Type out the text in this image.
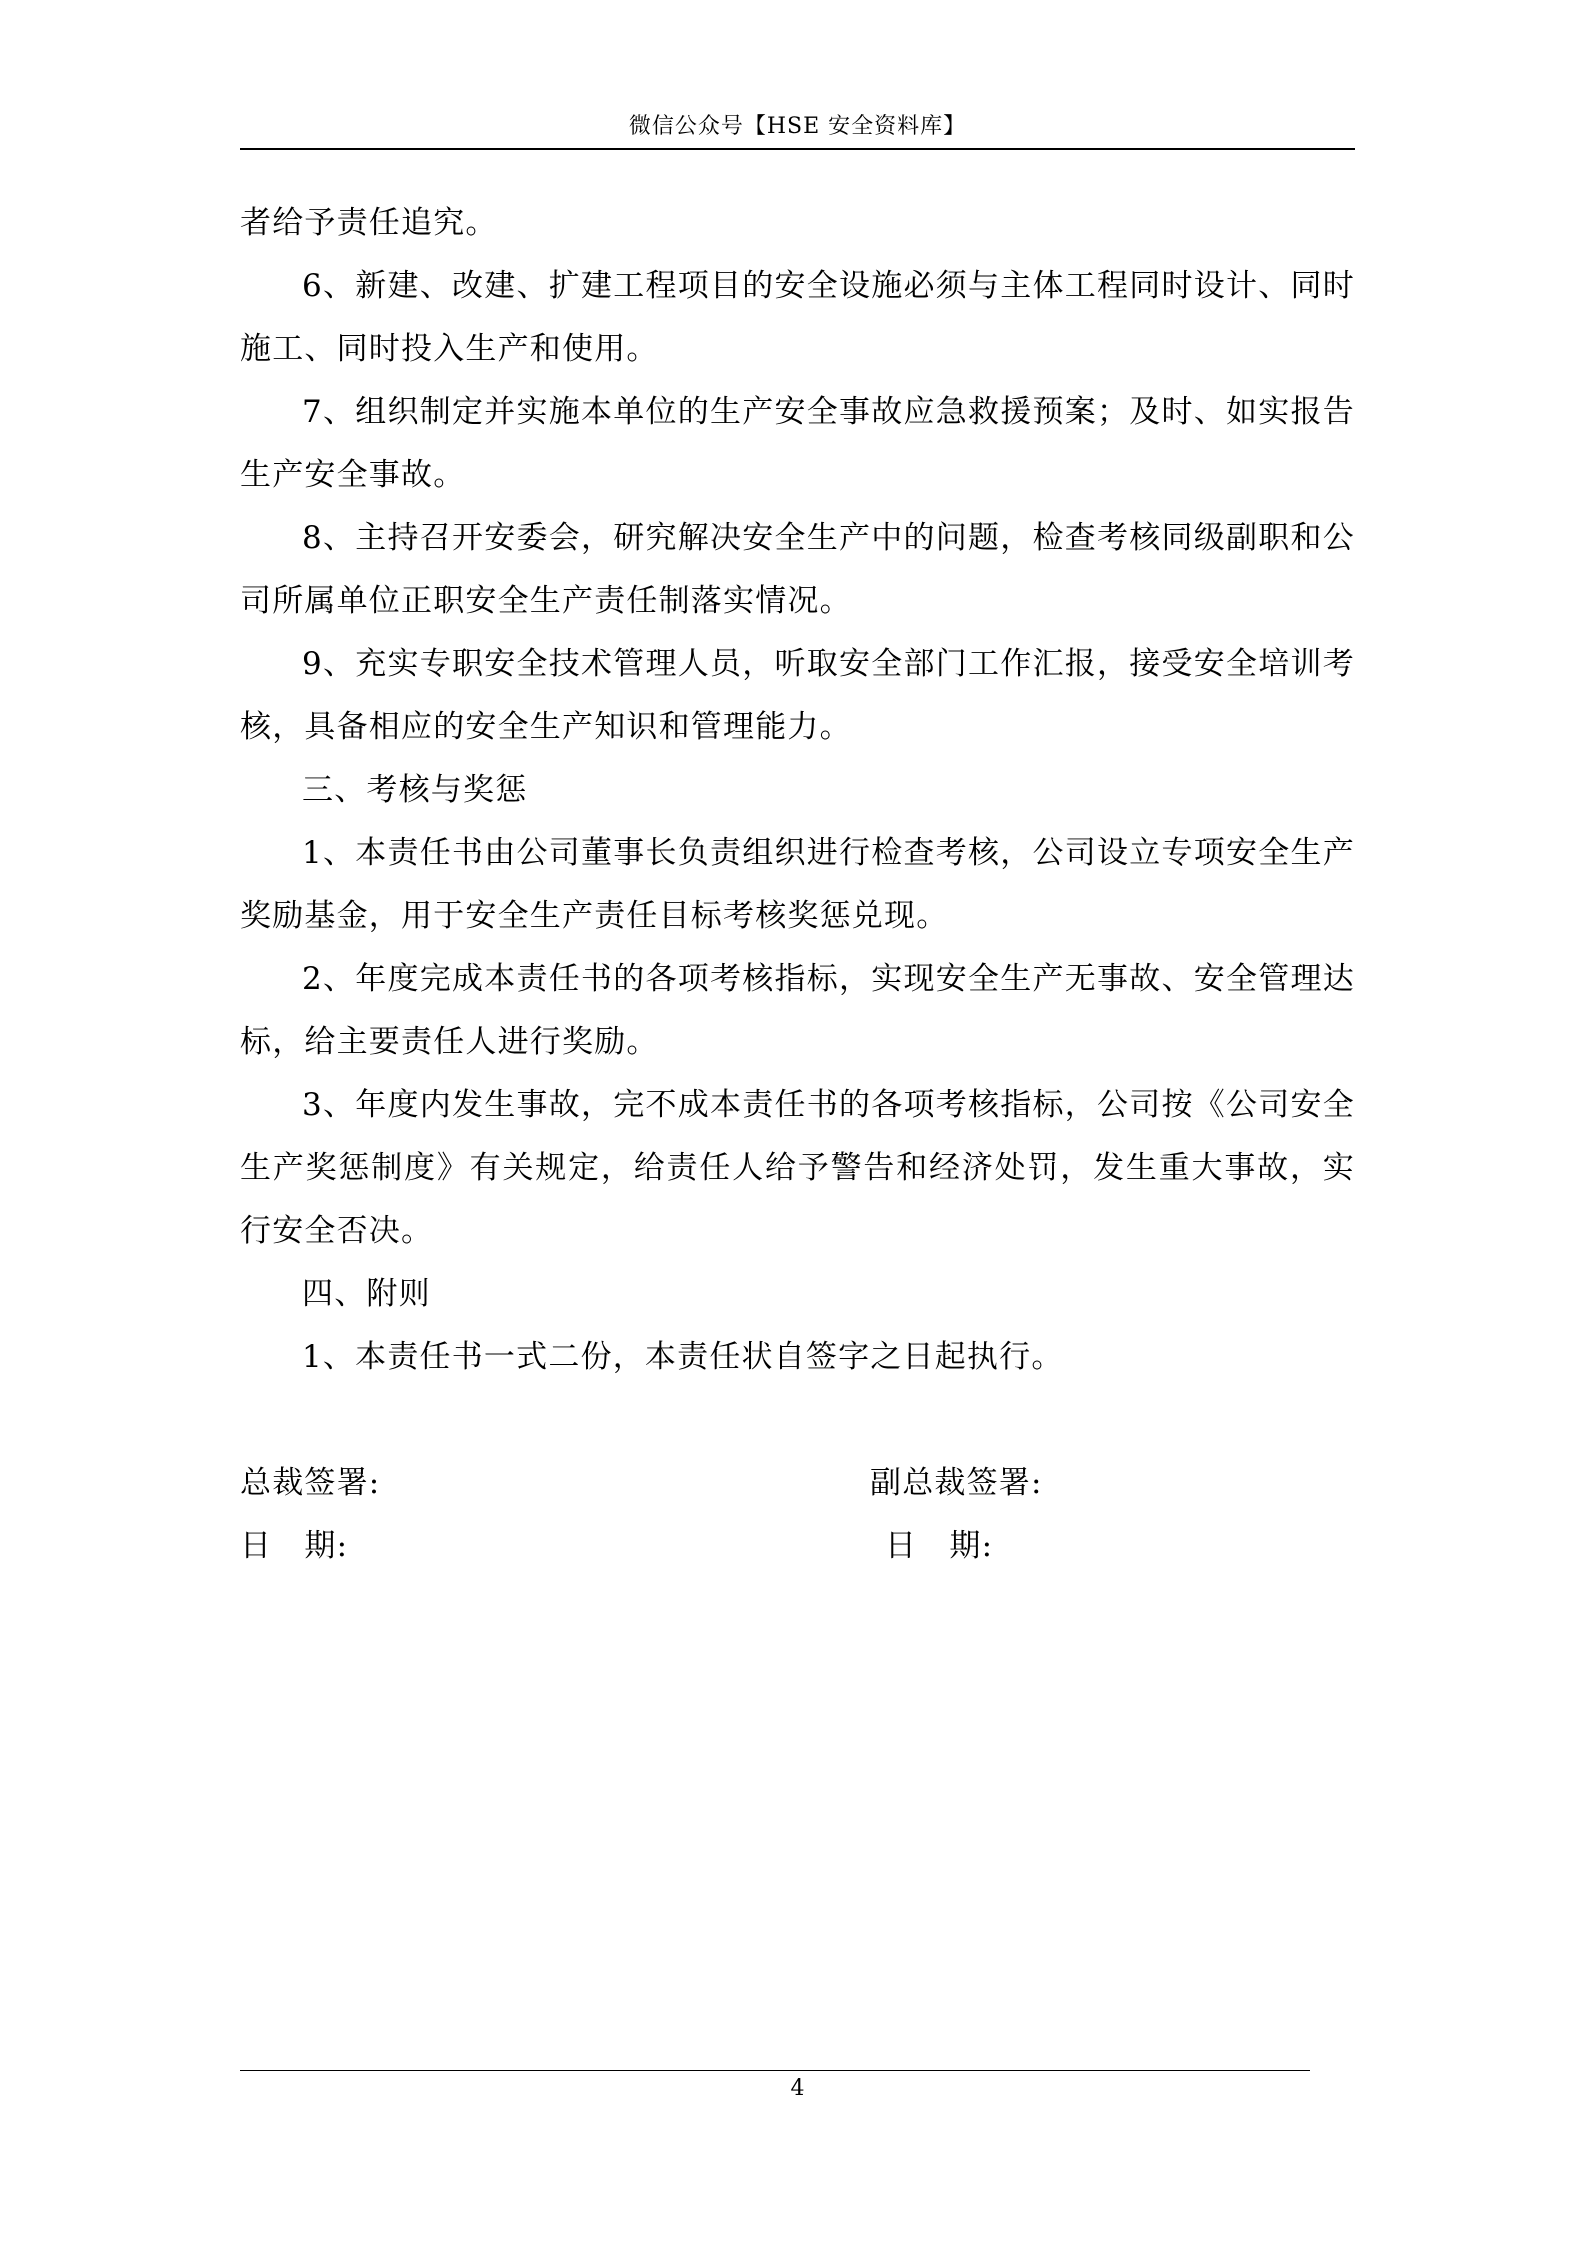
微信公众号【HSE 安全资料库】

者给予责任追究。

6、新建、改建、扩建工程项目的安全设施必须与主体工程同时设计、同时施工、同时投入生产和使用。

7、组织制定并实施本单位的生产安全事故应急救援预案；及时、如实报告生产安全事故。

8、主持召开安委会，研究解决安全生产中的问题，检查考核同级副职和公司所属单位正职安全生产责任制落实情况。

9、充实专职安全技术管理人员，听取安全部门工作汇报，接受安全培训考核，具备相应的安全生产知识和管理能力。

三、考核与奖惩

1、本责任书由公司董事长负责组织进行检查考核，公司设立专项安全生产奖励基金，用于安全生产责任目标考核奖惩兑现。

2、年度完成本责任书的各项考核指标，实现安全生产无事故、安全管理达标，给主要责任人进行奖励。

3、年度内发生事故，完不成本责任书的各项考核指标，公司按《公司安全生产奖惩制度》有关规定，给责任人给予警告和经济处罚，发生重大事故，实行安全否决。

四、附则

1、本责任书一式二份，本责任状自签字之日起执行。

总裁签署:	副总裁签署:
日　期:	日　期:
4
